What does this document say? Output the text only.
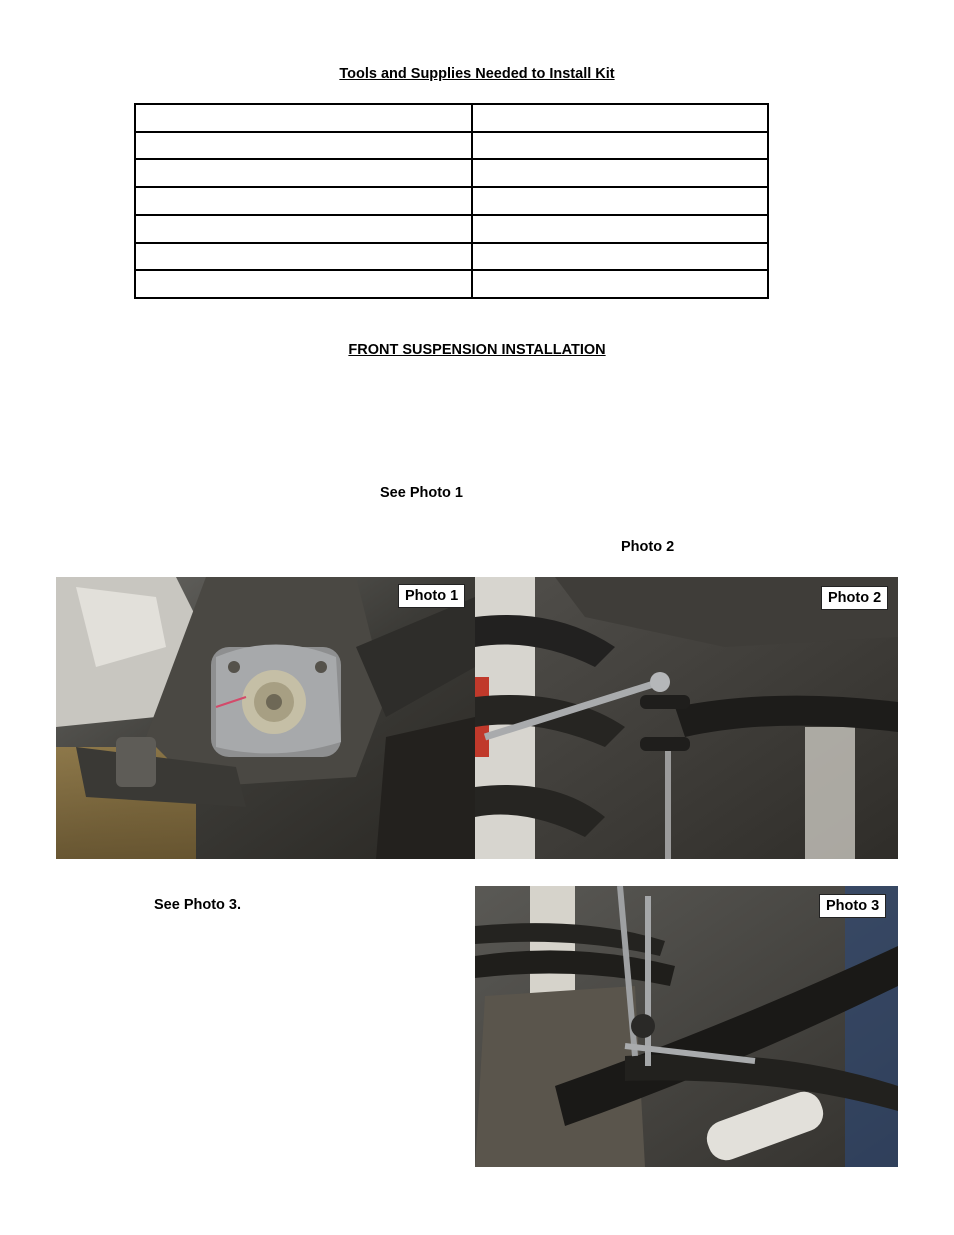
Tools and Supplies Needed to Install Kit

FRONT SUSPENSION INSTALLATION
See Photo 1
Photo 2
See Photo 3.
Photo 1	Photo 2
Photo 3
